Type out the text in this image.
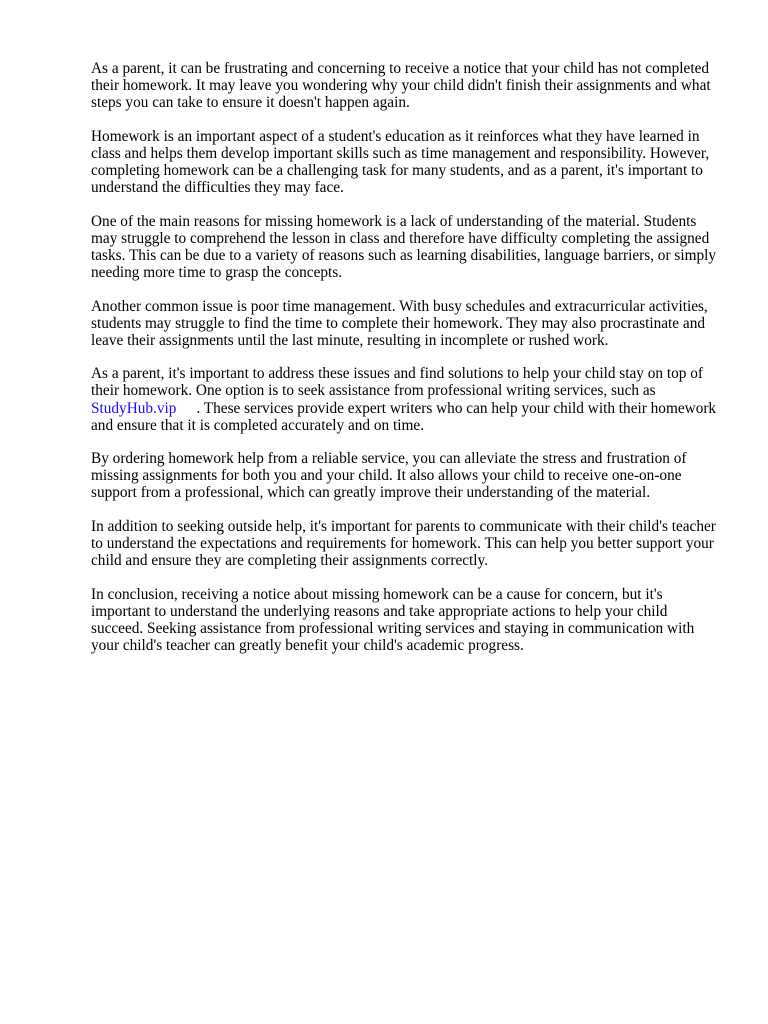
As a parent, it can be frustrating and concerning to receive a notice that your child has not completed their homework. It may leave you wondering why your child didn't finish their assignments and what steps you can take to ensure it doesn't happen again.

Homework is an important aspect of a student's education as it reinforces what they have learned in class and helps them develop important skills such as time management and responsibility. However, completing homework can be a challenging task for many students, and as a parent, it's important to understand the difficulties they may face.

One of the main reasons for missing homework is a lack of understanding of the material. Students may struggle to comprehend the lesson in class and therefore have difficulty completing the assigned tasks. This can be due to a variety of reasons such as learning disabilities, language barriers, or simply needing more time to grasp the concepts.

Another common issue is poor time management. With busy schedules and extracurricular activities, students may struggle to find the time to complete their homework. They may also procrastinate and leave their assignments until the last minute, resulting in incomplete or rushed work.

As a parent, it's important to address these issues and find solutions to help your child stay on top of their homework. One option is to seek assistance from professional writing services, such as StudyHub.vip . These services provide expert writers who can help your child with their homework and ensure that it is completed accurately and on time.

By ordering homework help from a reliable service, you can alleviate the stress and frustration of missing assignments for both you and your child. It also allows your child to receive one-on-one support from a professional, which can greatly improve their understanding of the material.

In addition to seeking outside help, it's important for parents to communicate with their child's teacher to understand the expectations and requirements for homework. This can help you better support your child and ensure they are completing their assignments correctly.

In conclusion, receiving a notice about missing homework can be a cause for concern, but it's important to understand the underlying reasons and take appropriate actions to help your child succeed. Seeking assistance from professional writing services and staying in communication with your child's teacher can greatly benefit your child's academic progress.
